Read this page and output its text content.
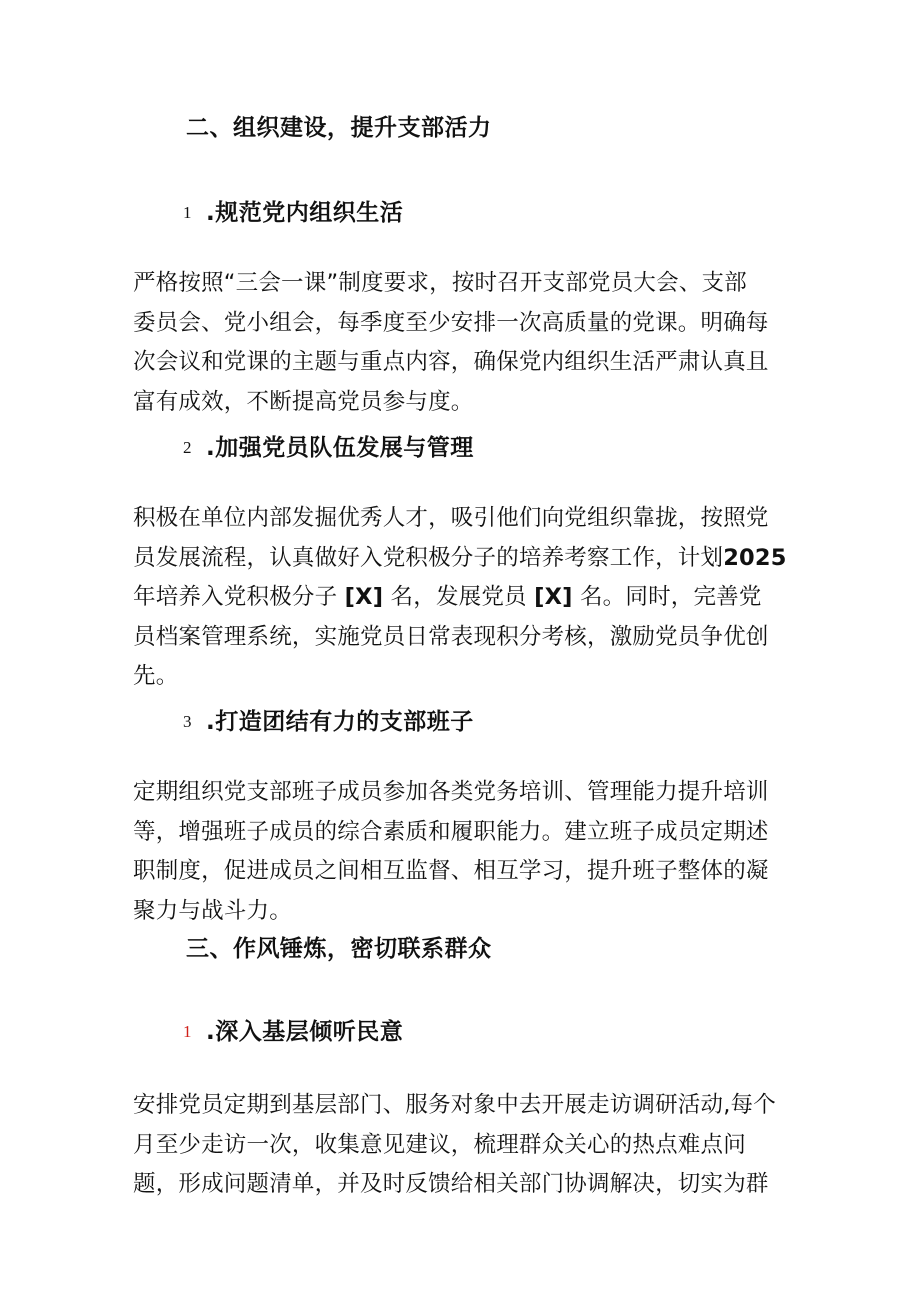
二、组织建设，提升支部活力
1 .规范党内组织生活
严格按照“三会一课”制度要求，按时召开支部党员大会、支部
委员会、党小组会，每季度至少安排一次高质量的党课。明确每
次会议和党课的主题与重点内容，确保党内组织生活严肃认真且
富有成效，不断提高党员参与度。
2 .加强党员队伍发展与管理
积极在单位内部发掘优秀人才，吸引他们向党组织靠拢，按照党
员发展流程，认真做好入党积极分子的培养考察工作，计划2025
年培养入党积极分子 [X] 名，发展党员 [X] 名。同时，完善党
员档案管理系统，实施党员日常表现积分考核，激励党员争优创
先。
3 .打造团结有力的支部班子
定期组织党支部班子成员参加各类党务培训、管理能力提升培训
等，增强班子成员的综合素质和履职能力。建立班子成员定期述
职制度，促进成员之间相互监督、相互学习，提升班子整体的凝
聚力与战斗力。
三、作风锤炼，密切联系群众
1 .深入基层倾听民意
安排党员定期到基层部门、服务对象中去开展走访调研活动,每个
月至少走访一次，收集意见建议，梳理群众关心的热点难点问
题，形成问题清单，并及时反馈给相关部门协调解决，切实为群
